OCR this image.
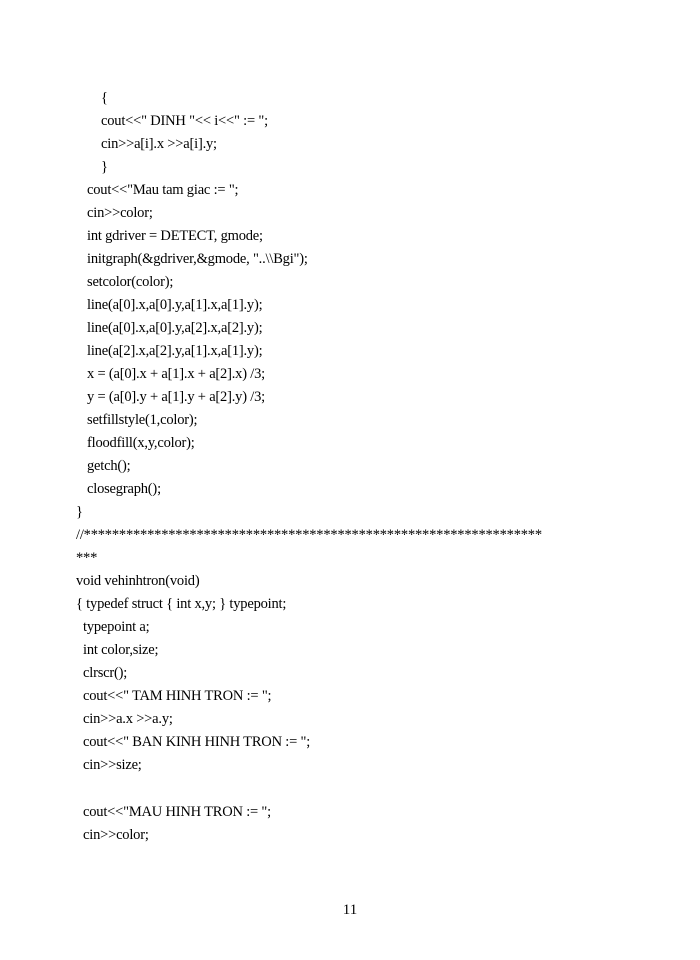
{
cout<<" DINH "<< i<<" := ";
cin>>a[i].x >>a[i].y;
}
cout<<"Mau tam giac := ";
cin>>color;
int gdriver = DETECT, gmode;
initgraph(&gdriver,&gmode, "..\\Bgi");
setcolor(color);
line(a[0].x,a[0].y,a[1].x,a[1].y);
line(a[0].x,a[0].y,a[2].x,a[2].y);
line(a[2].x,a[2].y,a[1].x,a[1].y);
x = (a[0].x + a[1].x + a[2].x) /3;
y = (a[0].y + a[1].y + a[2].y) /3;
setfillstyle(1,color);
floodfill(x,y,color);
getch();
closegraph();
}
//*****************************************************************
***
void vehinhtron(void)
{ typedef struct { int x,y; } typepoint;
typepoint a;
int color,size;
clrscr();
cout<<" TAM HINH TRON := ";
cin>>a.x >>a.y;
cout<<" BAN KINH HINH TRON := ";
cin>>size;
cout<<"MAU HINH TRON := ";
cin>>color;
11
